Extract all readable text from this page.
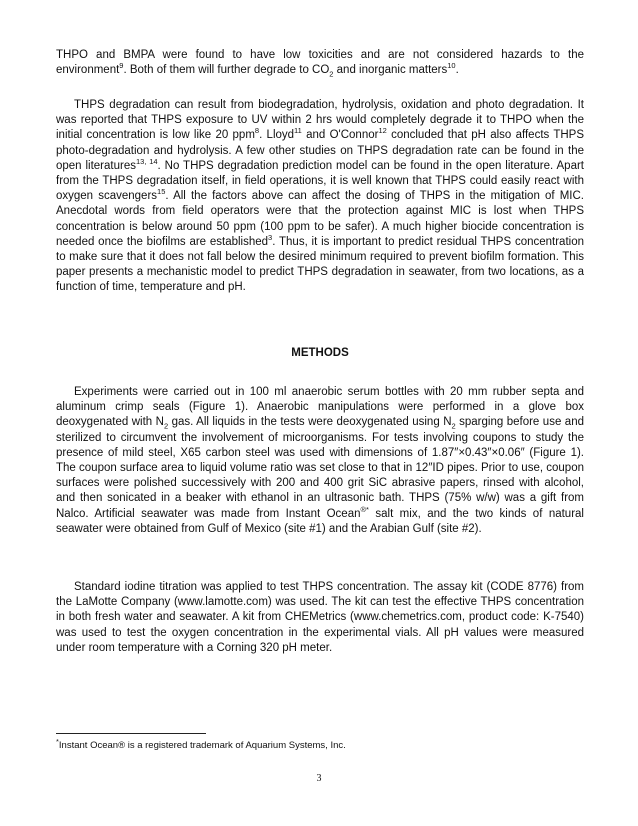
THPO and BMPA were found to have low toxicities and are not considered hazards to the environment$^9$. Both of them will further degrade to $CO_2$ and inorganic matters$^{10}$.
THPS degradation can result from biodegradation, hydrolysis, oxidation and photo degradation. It was reported that THPS exposure to UV within 2 hrs would completely degrade it to THPO when the initial concentration is low like 20 ppm$^8$. Lloyd$^{11}$ and O'Connor$^{12}$ concluded that pH also affects THPS photo-degradation and hydrolysis. A few other studies on THPS degradation rate can be found in the open literatures$^{13, 14}$. No THPS degradation prediction model can be found in the open literature. Apart from the THPS degradation itself, in field operations, it is well known that THPS could easily react with oxygen scavengers$^{15}$. All the factors above can affect the dosing of THPS in the mitigation of MIC. Anecdotal words from field operators were that the protection against MIC is lost when THPS concentration is below around 50 ppm (100 ppm to be safer). A much higher biocide concentration is needed once the biofilms are established$^3$. Thus, it is important to predict residual THPS concentration to make sure that it does not fall below the desired minimum required to prevent biofilm formation. This paper presents a mechanistic model to predict THPS degradation in seawater, from two locations, as a function of time, temperature and pH.
METHODS
Experiments were carried out in 100 ml anaerobic serum bottles with 20 mm rubber septa and aluminum crimp seals (Figure 1). Anaerobic manipulations were performed in a glove box deoxygenated with $N_2$ gas. All liquids in the tests were deoxygenated using $N_2$ sparging before use and sterilized to circumvent the involvement of microorganisms. For tests involving coupons to study the presence of mild steel, X65 carbon steel was used with dimensions of 1.87″×0.43″×0.06″ (Figure 1). The coupon surface area to liquid volume ratio was set close to that in 12″ID pipes. Prior to use, coupon surfaces were polished successively with 200 and 400 grit SiC abrasive papers, rinsed with alcohol, and then sonicated in a beaker with ethanol in an ultrasonic bath. THPS (75% w/w) was a gift from Nalco. Artificial seawater was made from Instant Ocean®* salt mix, and the two kinds of natural seawater were obtained from Gulf of Mexico (site #1) and the Arabian Gulf (site #2).
Standard iodine titration was applied to test THPS concentration. The assay kit (CODE 8776) from the LaMotte Company (www.lamotte.com) was used. The kit can test the effective THPS concentration in both fresh water and seawater. A kit from CHEMetrics (www.chemetrics.com, product code: K-7540) was used to test the oxygen concentration in the experimental vials. All pH values were measured under room temperature with a Corning 320 pH meter.
*Instant Ocean® is a registered trademark of Aquarium Systems, Inc.
3
